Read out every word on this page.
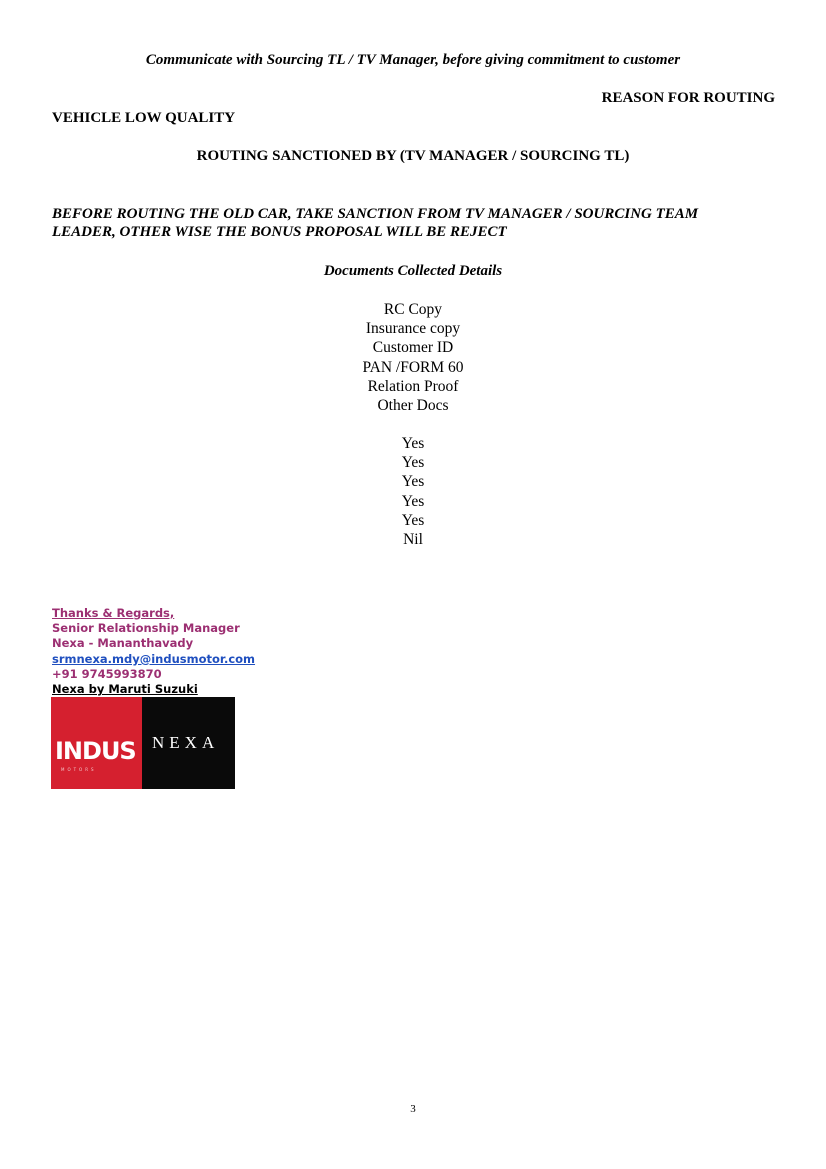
Communicate with Sourcing TL / TV Manager, before giving commitment to customer
REASON FOR ROUTING
VEHICLE LOW QUALITY
ROUTING SANCTIONED BY (TV MANAGER / SOURCING TL)
BEFORE ROUTING THE OLD CAR, TAKE SANCTION FROM TV MANAGER / SOURCING TEAM
LEADER, OTHER WISE THE BONUS PROPOSAL WILL BE REJECT
Documents Collected Details
RC Copy
Insurance copy
Customer ID
PAN /FORM 60
Relation Proof
Other Docs
Yes
Yes
Yes
Yes
Yes
Nil
Thanks & Regards,
Senior Relationship Manager
Nexa - Mananthavady
srmnexa.mdy@indusmotor.com
+91 9745993870
Nexa by Maruti Suzuki
INDUS
MOTORS
NEXA
3
